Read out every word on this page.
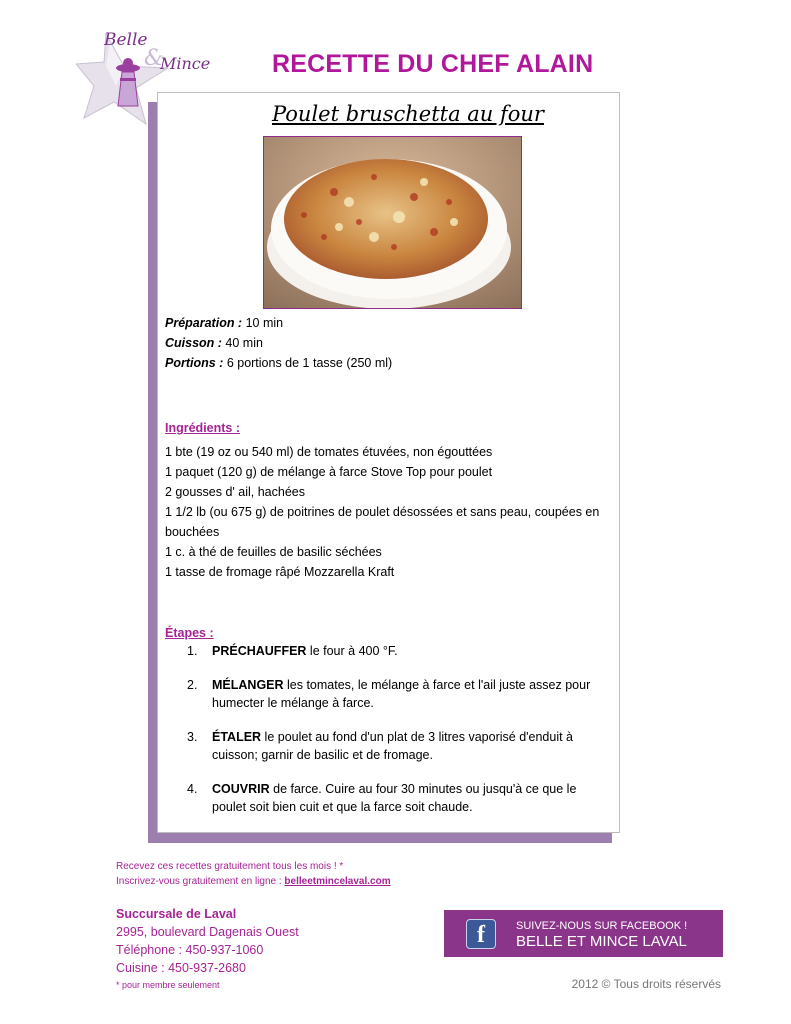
Belle
&
Mince RECETTE DU CHEF ALAIN
Poulet bruschetta au four
Préparation : 10 min
Cuisson : 40 min
Portions : 6 portions de 1 tasse (250 ml)
Ingrédients :
1 bte (19 oz ou 540 ml) de tomates étuvées, non égouttées
1 paquet (120 g) de mélange à farce Stove Top pour poulet
2 gousses d' ail, hachées
1 1/2 lb (ou 675 g) de poitrines de poulet désossées et sans peau, coupées en bouchées
1 c. à thé de feuilles de basilic séchées
1 tasse de fromage râpé Mozzarella Kraft
Étapes :
1. PRÉCHAUFFER le four à 400 °F.
2. MÉLANGER les tomates, le mélange à farce et l'ail juste assez pour humecter le mélange à farce.
3. ÉTALER le poulet au fond d'un plat de 3 litres vaporisé d'enduit à cuisson; garnir de basilic et de fromage.
4. COUVRIR de farce. Cuire au four 30 minutes ou jusqu'à ce que le poulet soit bien cuit et que la farce soit chaude.
Recevez ces recettes gratuitement tous les mois ! *
Inscrivez-vous gratuitement en ligne : belleetmincelaval.com
Succursale de Laval
2995, boulevard Dagenais Ouest
Téléphone : 450-937-1060
Cuisine : 450-937-2680
* pour membre seulement
f	SUIVEZ-NOUS SUR FACEBOOK !
BELLE ET MINCE LAVAL
2012 © Tous droits réservés
